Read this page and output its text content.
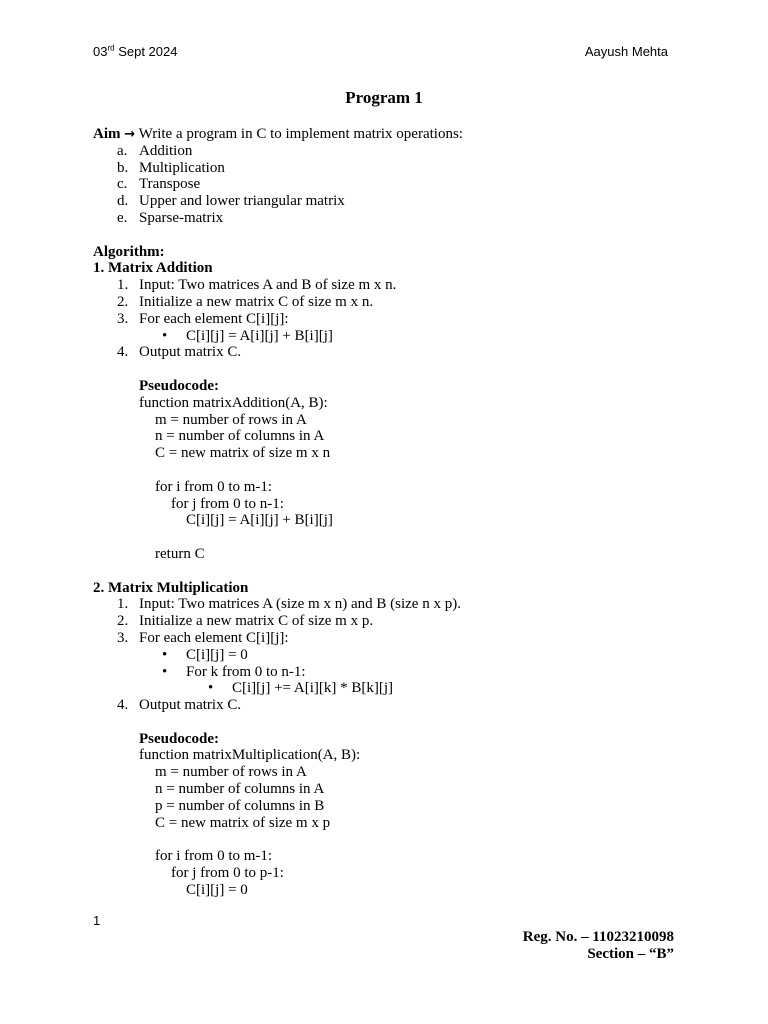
03rd Sept 2024	Aayush Mehta
Program 1
Aim → Write a program in C to implement matrix operations:
a. Addition
b. Multiplication
c. Transpose
d. Upper and lower triangular matrix
e. Sparse-matrix
Algorithm:
1. Matrix Addition
1. Input: Two matrices A and B of size m x n.
2. Initialize a new matrix C of size m x n.
3. For each element C[i][j]:
• C[i][j] = A[i][j] + B[i][j]
4. Output matrix C.
Pseudocode:
function matrixAddition(A, B):
m = number of rows in A
n = number of columns in A
C = new matrix of size m x n
for i from 0 to m-1:
for j from 0 to n-1:
C[i][j] = A[i][j] + B[i][j]
return C
2. Matrix Multiplication
1. Input: Two matrices A (size m x n) and B (size n x p).
2. Initialize a new matrix C of size m x p.
3. For each element C[i][j]:
• C[i][j] = 0
• For k from 0 to n-1:
• C[i][j] += A[i][k] * B[k][j]
4. Output matrix C.
Pseudocode:
function matrixMultiplication(A, B):
m = number of rows in A
n = number of columns in A
p = number of columns in B
C = new matrix of size m x p
for i from 0 to m-1:
for j from 0 to p-1:
C[i][j] = 0
1
Reg. No. – 11023210098
Section – “B”
